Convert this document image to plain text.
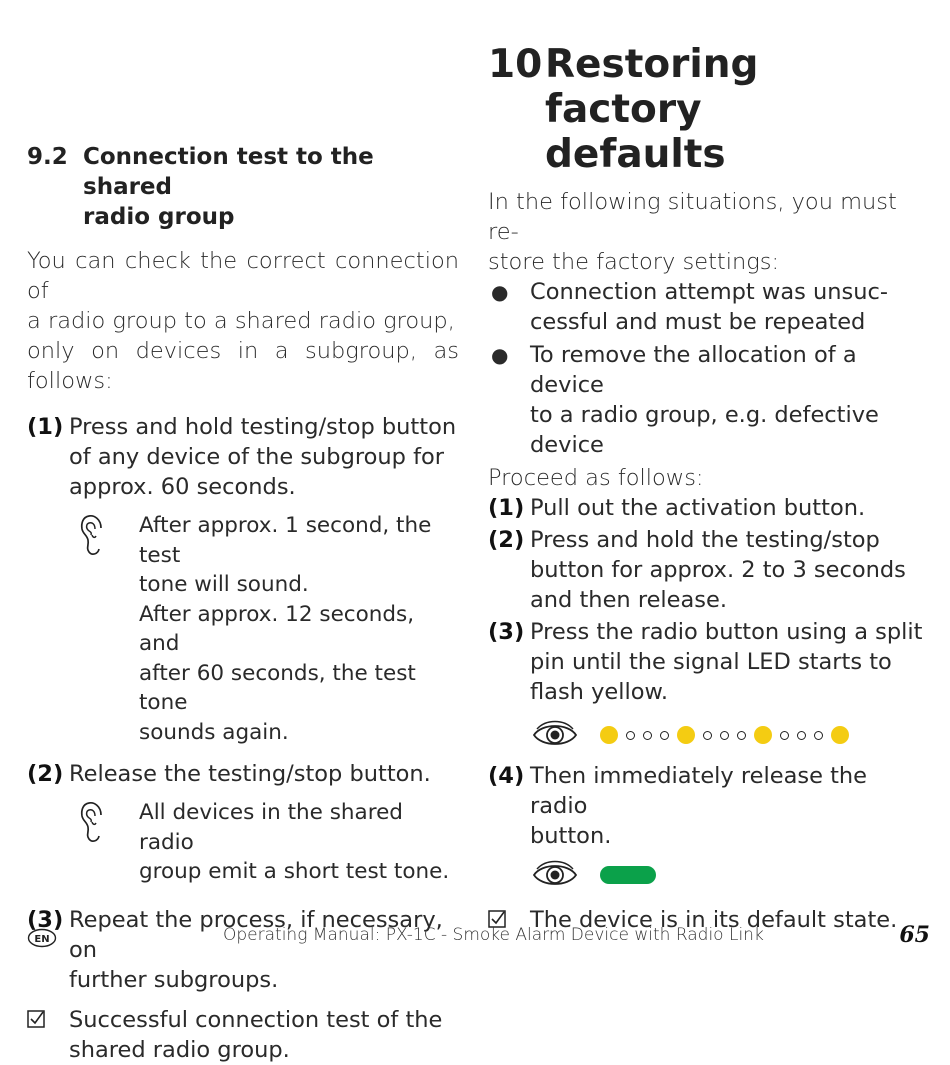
9.2 Connection test to the shared
radio group

You can check the correct connection of
a radio group to a shared radio group,
only on devices in a subgroup, as follows:

(1) Press and hold testing/stop button
of any device of the subgroup for
approx. 60 seconds.
After approx. 1 second, the test
tone will sound.
After approx. 12 seconds, and
after 60 seconds, the test tone
sounds again.
(2) Release the testing/stop button.
All devices in the shared radio
group emit a short test tone.
(3) Repeat the process, if necessary, on
further subgroups.
Successful connection test of the
shared radio group.
10 Restoring factory
defaults

In the following situations, you must re-
store the factory settings:

● Connection attempt was unsuc-
cessful and must be repeated
● To remove the allocation of a device
to a radio group, e.g. defective device

Proceed as follows:

(1) Pull out the activation button.
(2) Press and hold the testing/stop
button for approx. 2 to 3 seconds
and then release.
(3) Press the radio button using a split
pin until the signal LED starts to
flash yellow.
(4) Then immediately release the radio
button.
The device is in its default state.
EN	Operating Manual: PX-1C - Smoke Alarm Device with Radio Link	65
